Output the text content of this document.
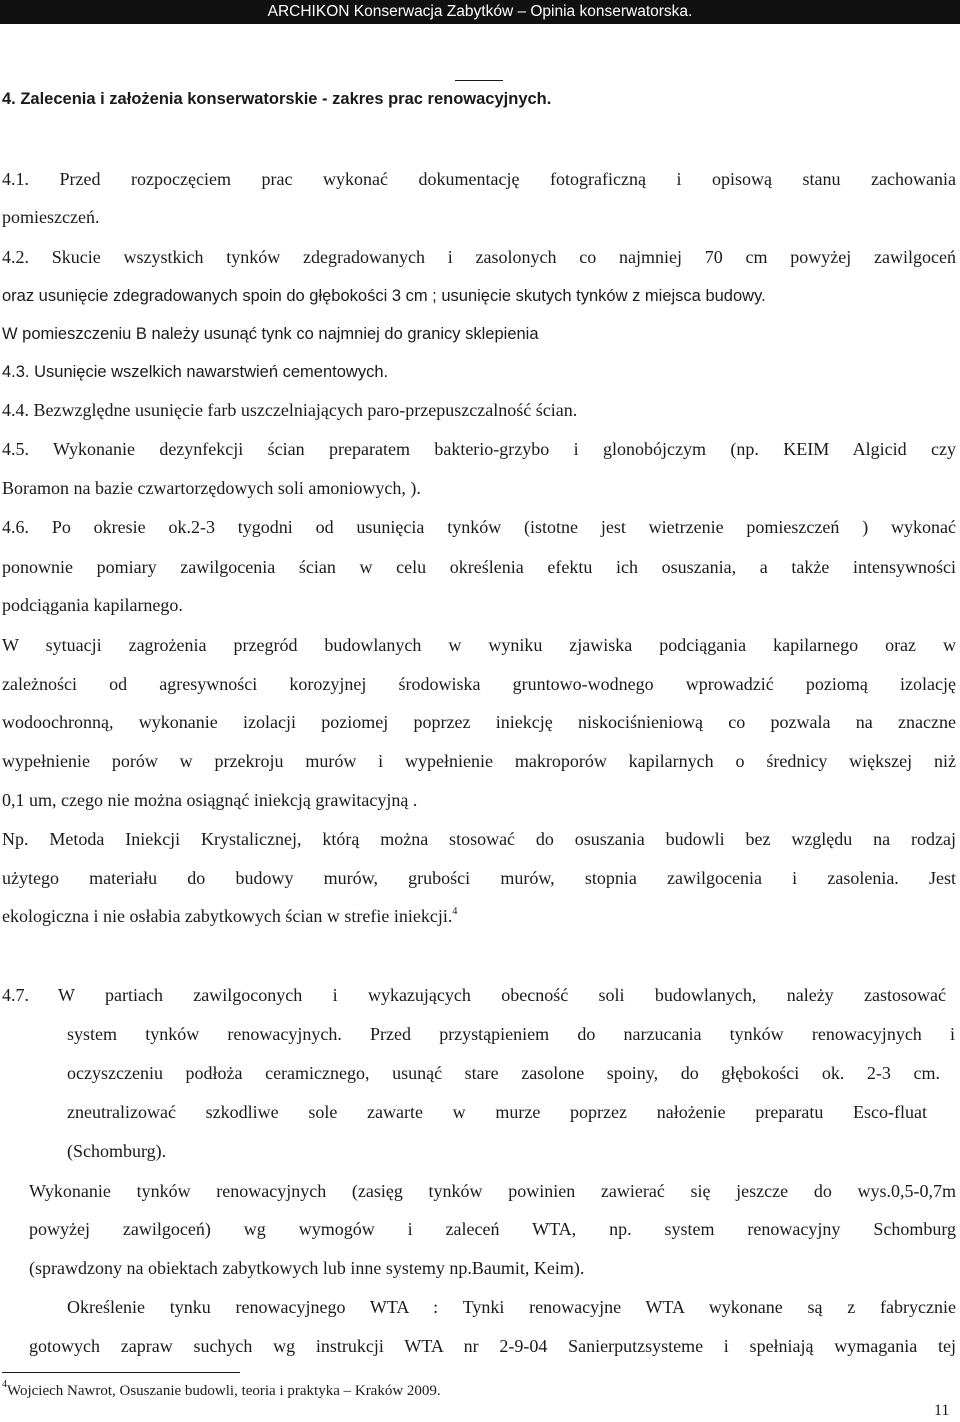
ARCHIKON Konserwacja Zabytków – Opinia konserwatorska.
4. Zalecenia i założenia konserwatorskie - zakres prac renowacyjnych.
4.1. Przed rozpoczęciem prac wykonać dokumentację fotograficzną i opisową stanu zachowania
pomieszczeń.
4.2. Skucie wszystkich tynków zdegradowanych i zasolonych co najmniej 70 cm powyżej zawilgoceń
oraz usunięcie zdegradowanych spoin do głębokości 3 cm ; usunięcie skutych tynków z miejsca budowy.
W pomieszczeniu B należy usunąć tynk co najmniej do granicy sklepienia
4.3. Usunięcie wszelkich nawarstwień cementowych.
4.4. Bezwzględne usunięcie farb uszczelniających paro-przepuszczalność ścian.
4.5. Wykonanie dezynfekcji ścian preparatem bakterio-grzybo i glonobójczym (np. KEIM Algicid czy
Boramon na bazie czwartorzędowych soli amoniowych, ).
4.6. Po okresie ok.2-3 tygodni od usunięcia tynków (istotne jest wietrzenie pomieszczeń ) wykonać
ponownie pomiary zawilgocenia ścian w celu określenia efektu ich osuszania, a także intensywności
podciągania kapilarnego.
W sytuacji zagrożenia przegród budowlanych w wyniku zjawiska podciągania kapilarnego oraz w
zależności od agresywności korozyjnej środowiska gruntowo-wodnego wprowadzić poziomą izolację
wodoochronną, wykonanie izolacji poziomej poprzez iniekcję niskociśnieniową co pozwala na znaczne
wypełnienie porów w przekroju murów i wypełnienie makroporów kapilarnych o średnicy większej niż
0,1 um, czego nie można osiągnąć iniekcją grawitacyjną .
Np. Metoda Iniekcji Krystalicznej, którą można stosować do osuszania budowli bez względu na rodzaj
użytego materiału do budowy murów, grubości murów, stopnia zawilgocenia i zasolenia. Jest
ekologiczna i nie osłabia zabytkowych ścian w strefie iniekcji.$^4$
4.7. W partiach zawilgoconych i wykazujących obecność soli budowlanych, należy zastosować
system tynków renowacyjnych. Przed przystąpieniem do narzucania tynków renowacyjnych i
oczyszczeniu podłoża ceramicznego, usunąć stare zasolone spoiny, do głębokości ok. 2-3 cm.
zneutralizować szkodliwe sole zawarte w murze poprzez nałożenie preparatu Esco-fluat
(Schomburg).
Wykonanie tynków renowacyjnych (zasięg tynków powinien zawierać się jeszcze do wys.0,5-0,7m
powyżej zawilgoceń) wg wymogów i zaleceń WTA, np. system renowacyjny Schomburg
(sprawdzony na obiektach zabytkowych lub inne systemy np.Baumit, Keim).
Określenie tynku renowacyjnego WTA : Tynki renowacyjne WTA wykonane są z fabrycznie
gotowych zapraw suchych wg instrukcji WTA nr 2-9-04 Sanierputzsysteme i spełniają wymagania tej
$^4$Wojciech Nawrot, Osuszanie budowli, teoria i praktyka – Kraków 2009.
11
